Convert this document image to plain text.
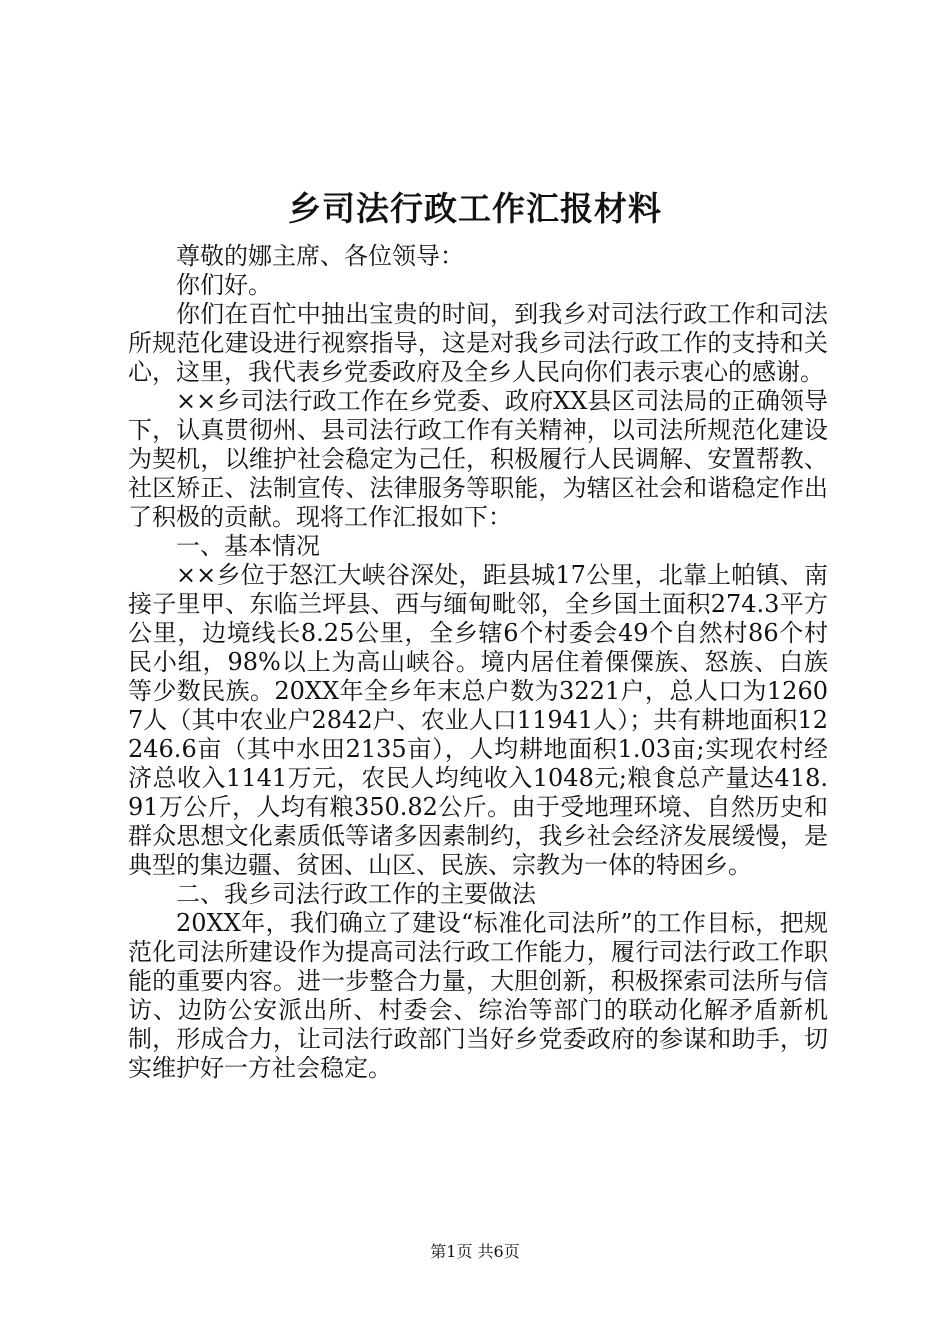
乡司法行政工作汇报材料

尊敬的娜主席、各位领导：

你们好。

你们在百忙中抽出宝贵的时间，到我乡对司法行政工作和司法所规范化建设进行视察指导，这是对我乡司法行政工作的支持和关心，这里，我代表乡党委政府及全乡人民向你们表示衷心的感谢。

××乡司法行政工作在乡党委、政府XX县区司法局的正确领导下，认真贯彻州、县司法行政工作有关精神，以司法所规范化建设为契机，以维护社会稳定为己任，积极履行人民调解、安置帮教、社区矫正、法制宣传、法律服务等职能，为辖区社会和谐稳定作出了积极的贡献。现将工作汇报如下：

一、基本情况

××乡位于怒江大峡谷深处，距县城17公里，北靠上帕镇、南接子里甲、东临兰坪县、西与缅甸毗邻，全乡国土面积274.3平方公里，边境线长8.25公里，全乡辖6个村委会49个自然村86个村民小组，98%以上为高山峡谷。境内居住着傈僳族、怒族、白族等少数民族。20XX年全乡年末总户数为3221户，总人口为12607人（其中农业户2842户、农业人口11941人）；共有耕地面积12246.6亩（其中水田2135亩），人均耕地面积1.03亩;实现农村经济总收入1141万元，农民人均纯收入1048元;粮食总产量达418.91万公斤，人均有粮350.82公斤。由于受地理环境、自然历史和群众思想文化素质低等诸多因素制约，我乡社会经济发展缓慢，是典型的集边疆、贫困、山区、民族、宗教为一体的特困乡。

二、我乡司法行政工作的主要做法

20XX年，我们确立了建设“标准化司法所”的工作目标，把规范化司法所建设作为提高司法行政工作能力，履行司法行政工作职能的重要内容。进一步整合力量，大胆创新，积极探索司法所与信访、边防公安派出所、村委会、综治等部门的联动化解矛盾新机制，形成合力，让司法行政部门当好乡党委政府的参谋和助手，切实维护好一方社会稳定。

第1页 共6页
